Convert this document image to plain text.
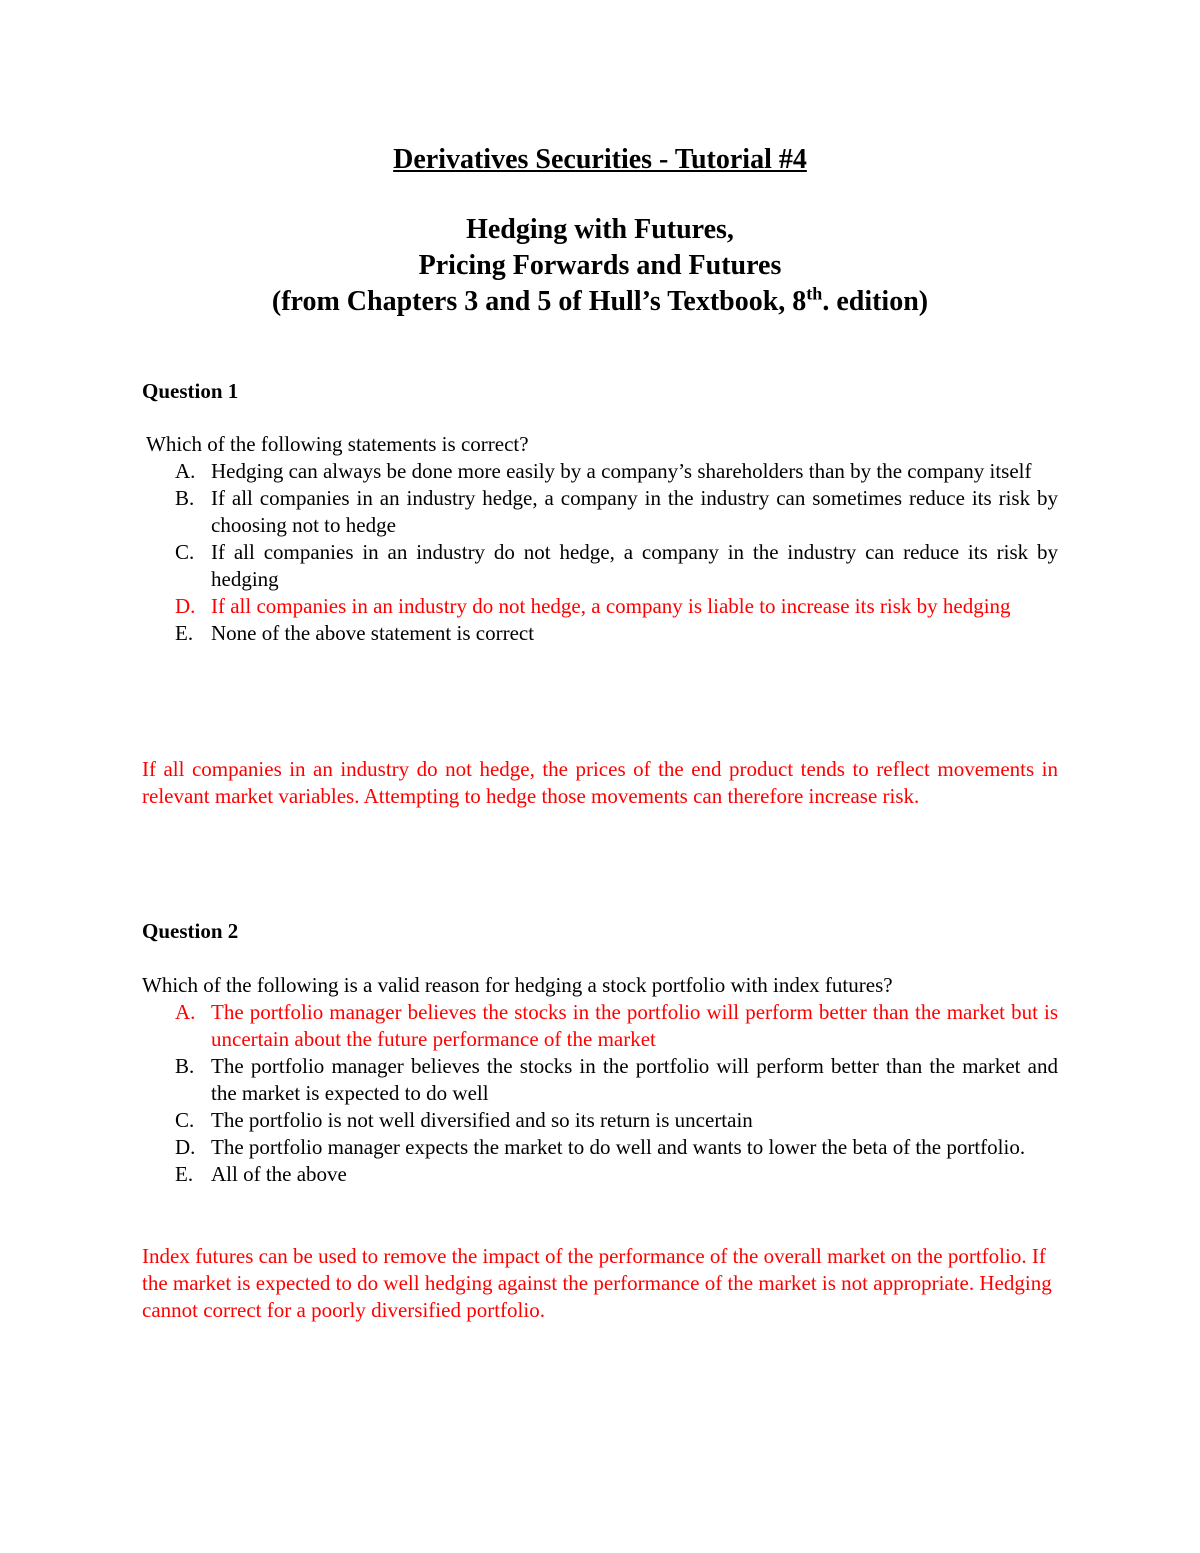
Derivatives Securities - Tutorial #4
Hedging with Futures,
Pricing Forwards and Futures
(from Chapters 3 and 5 of Hull’s Textbook, 8th. edition)
Question 1
Which of the following statements is correct?
A. Hedging can always be done more easily by a company’s shareholders than by the company itself
B. If all companies in an industry hedge, a company in the industry can sometimes reduce its risk by choosing not to hedge
C. If all companies in an industry do not hedge, a company in the industry can reduce its risk by hedging
D. If all companies in an industry do not hedge, a company is liable to increase its risk by hedging
E. None of the above statement is correct
If all companies in an industry do not hedge, the prices of the end product tends to reflect movements in relevant market variables. Attempting to hedge those movements can therefore increase risk.
Question 2
Which of the following is a valid reason for hedging a stock portfolio with index futures?
A. The portfolio manager believes the stocks in the portfolio will perform better than the market but is uncertain about the future performance of the market
B. The portfolio manager believes the stocks in the portfolio will perform better than the market and the market is expected to do well
C. The portfolio is not well diversified and so its return is uncertain
D. The portfolio manager expects the market to do well and wants to lower the beta of the portfolio.
E. All of the above
Index futures can be used to remove the impact of the performance of the overall market on the portfolio. If the market is expected to do well hedging against the performance of the market is not appropriate. Hedging cannot correct for a poorly diversified portfolio.
